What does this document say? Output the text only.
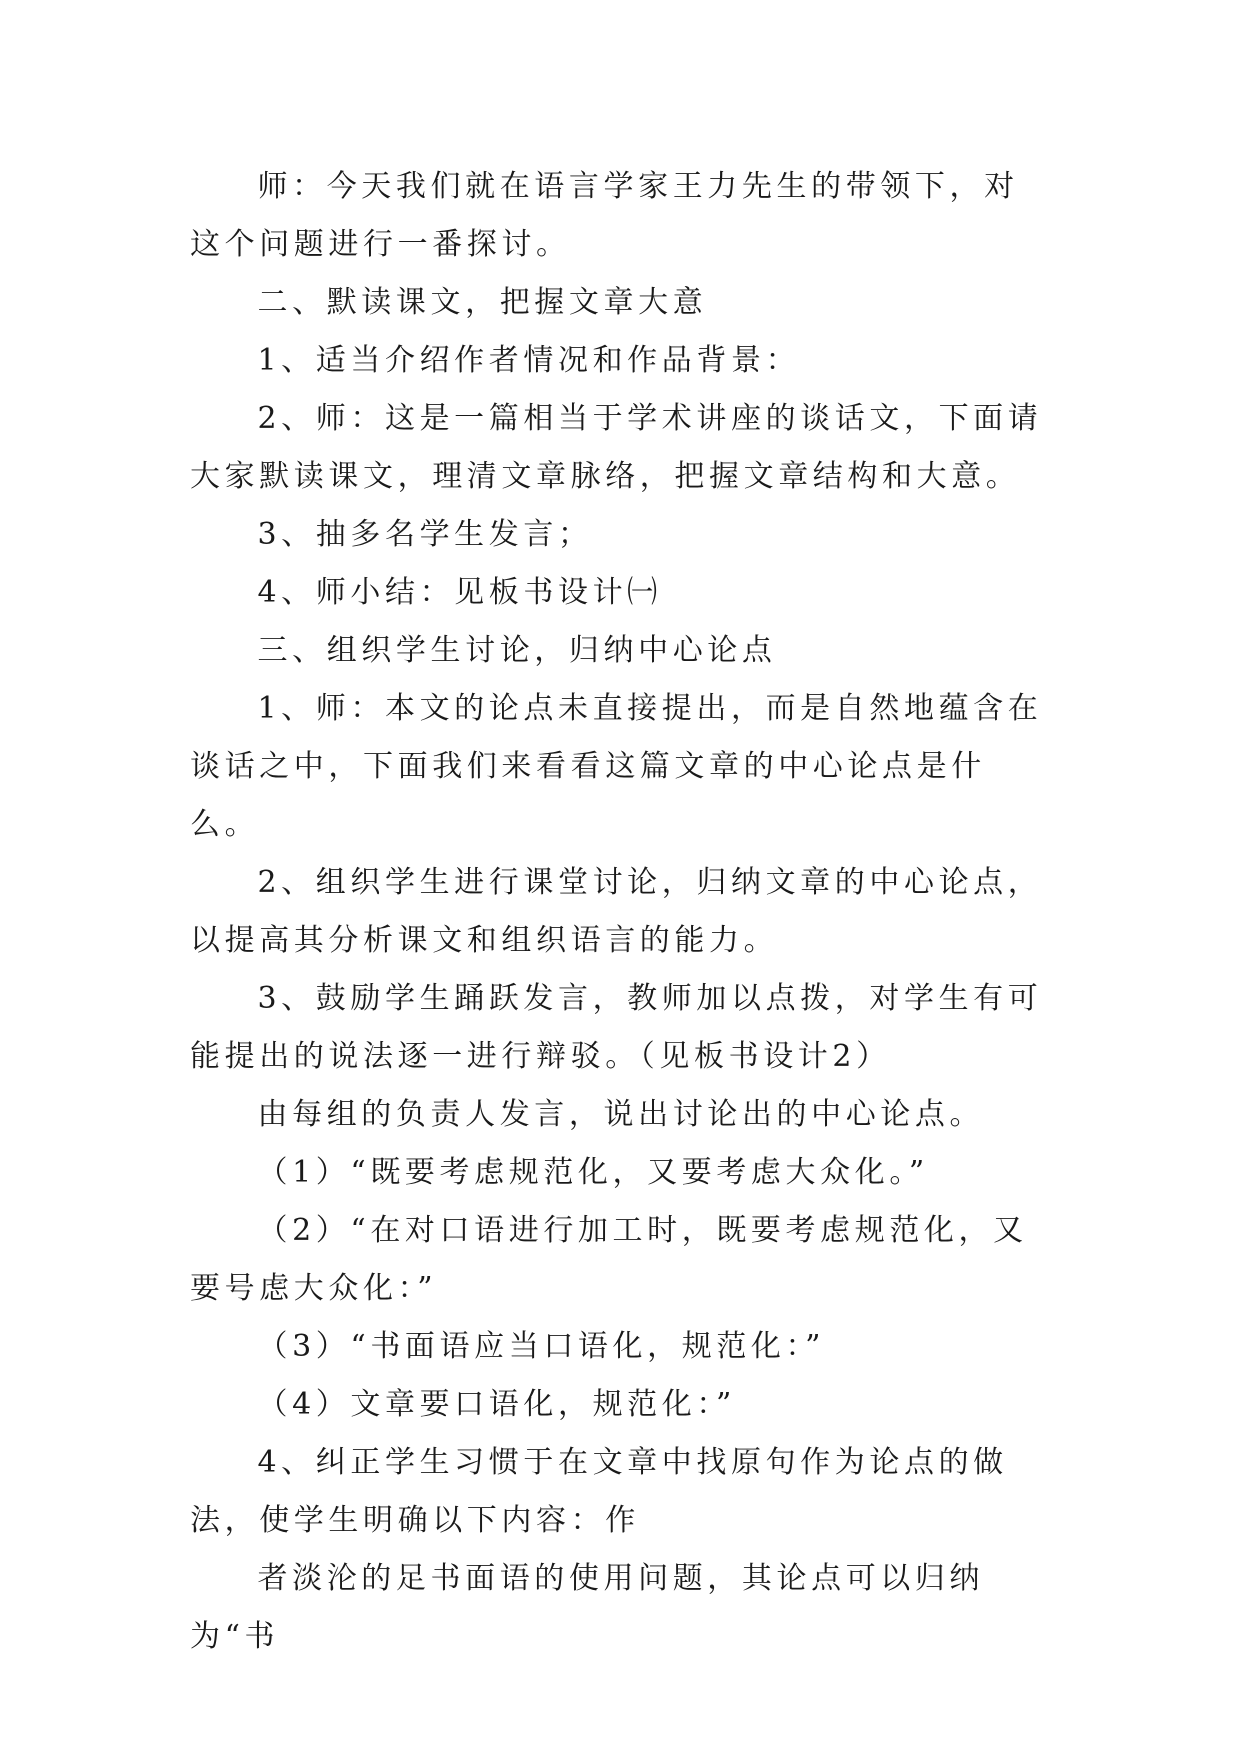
师：今天我们就在语言学家王力先生的带领下，对这个问题进行一番探讨。

二、默读课文，把握文章大意

1、适当介绍作者情况和作品背景：

2、师：这是一篇相当于学术讲座的谈话文，下面请大家默读课文，理清文章脉络，把握文章结构和大意。

3、抽多名学生发言；

4、师小结：见板书设计㈠

三、组织学生讨论，归纳中心论点

1、师：本文的论点未直接提出，而是自然地蕴含在谈话之中，下面我们来看看这篇文章的中心论点是什么。

2、组织学生进行课堂讨论，归纳文章的中心论点，以提高其分析课文和组织语言的能力。

3、鼓励学生踊跃发言，教师加以点拨，对学生有可能提出的说法逐一进行辩驳。（见板书设计2）

由每组的负责人发言，说出讨论出的中心论点。

（1）“既要考虑规范化，又要考虑大众化。”

（2）“在对口语进行加工时，既要考虑规范化，又要号虑大众化：”

（3）“书面语应当口语化，规范化：”

（4）文章要口语化，规范化：”

4、纠正学生习惯于在文章中找原句作为论点的做法，使学生明确以下内容：作

者淡沦的足书面语的使用问题，其论点可以归纳为“书
